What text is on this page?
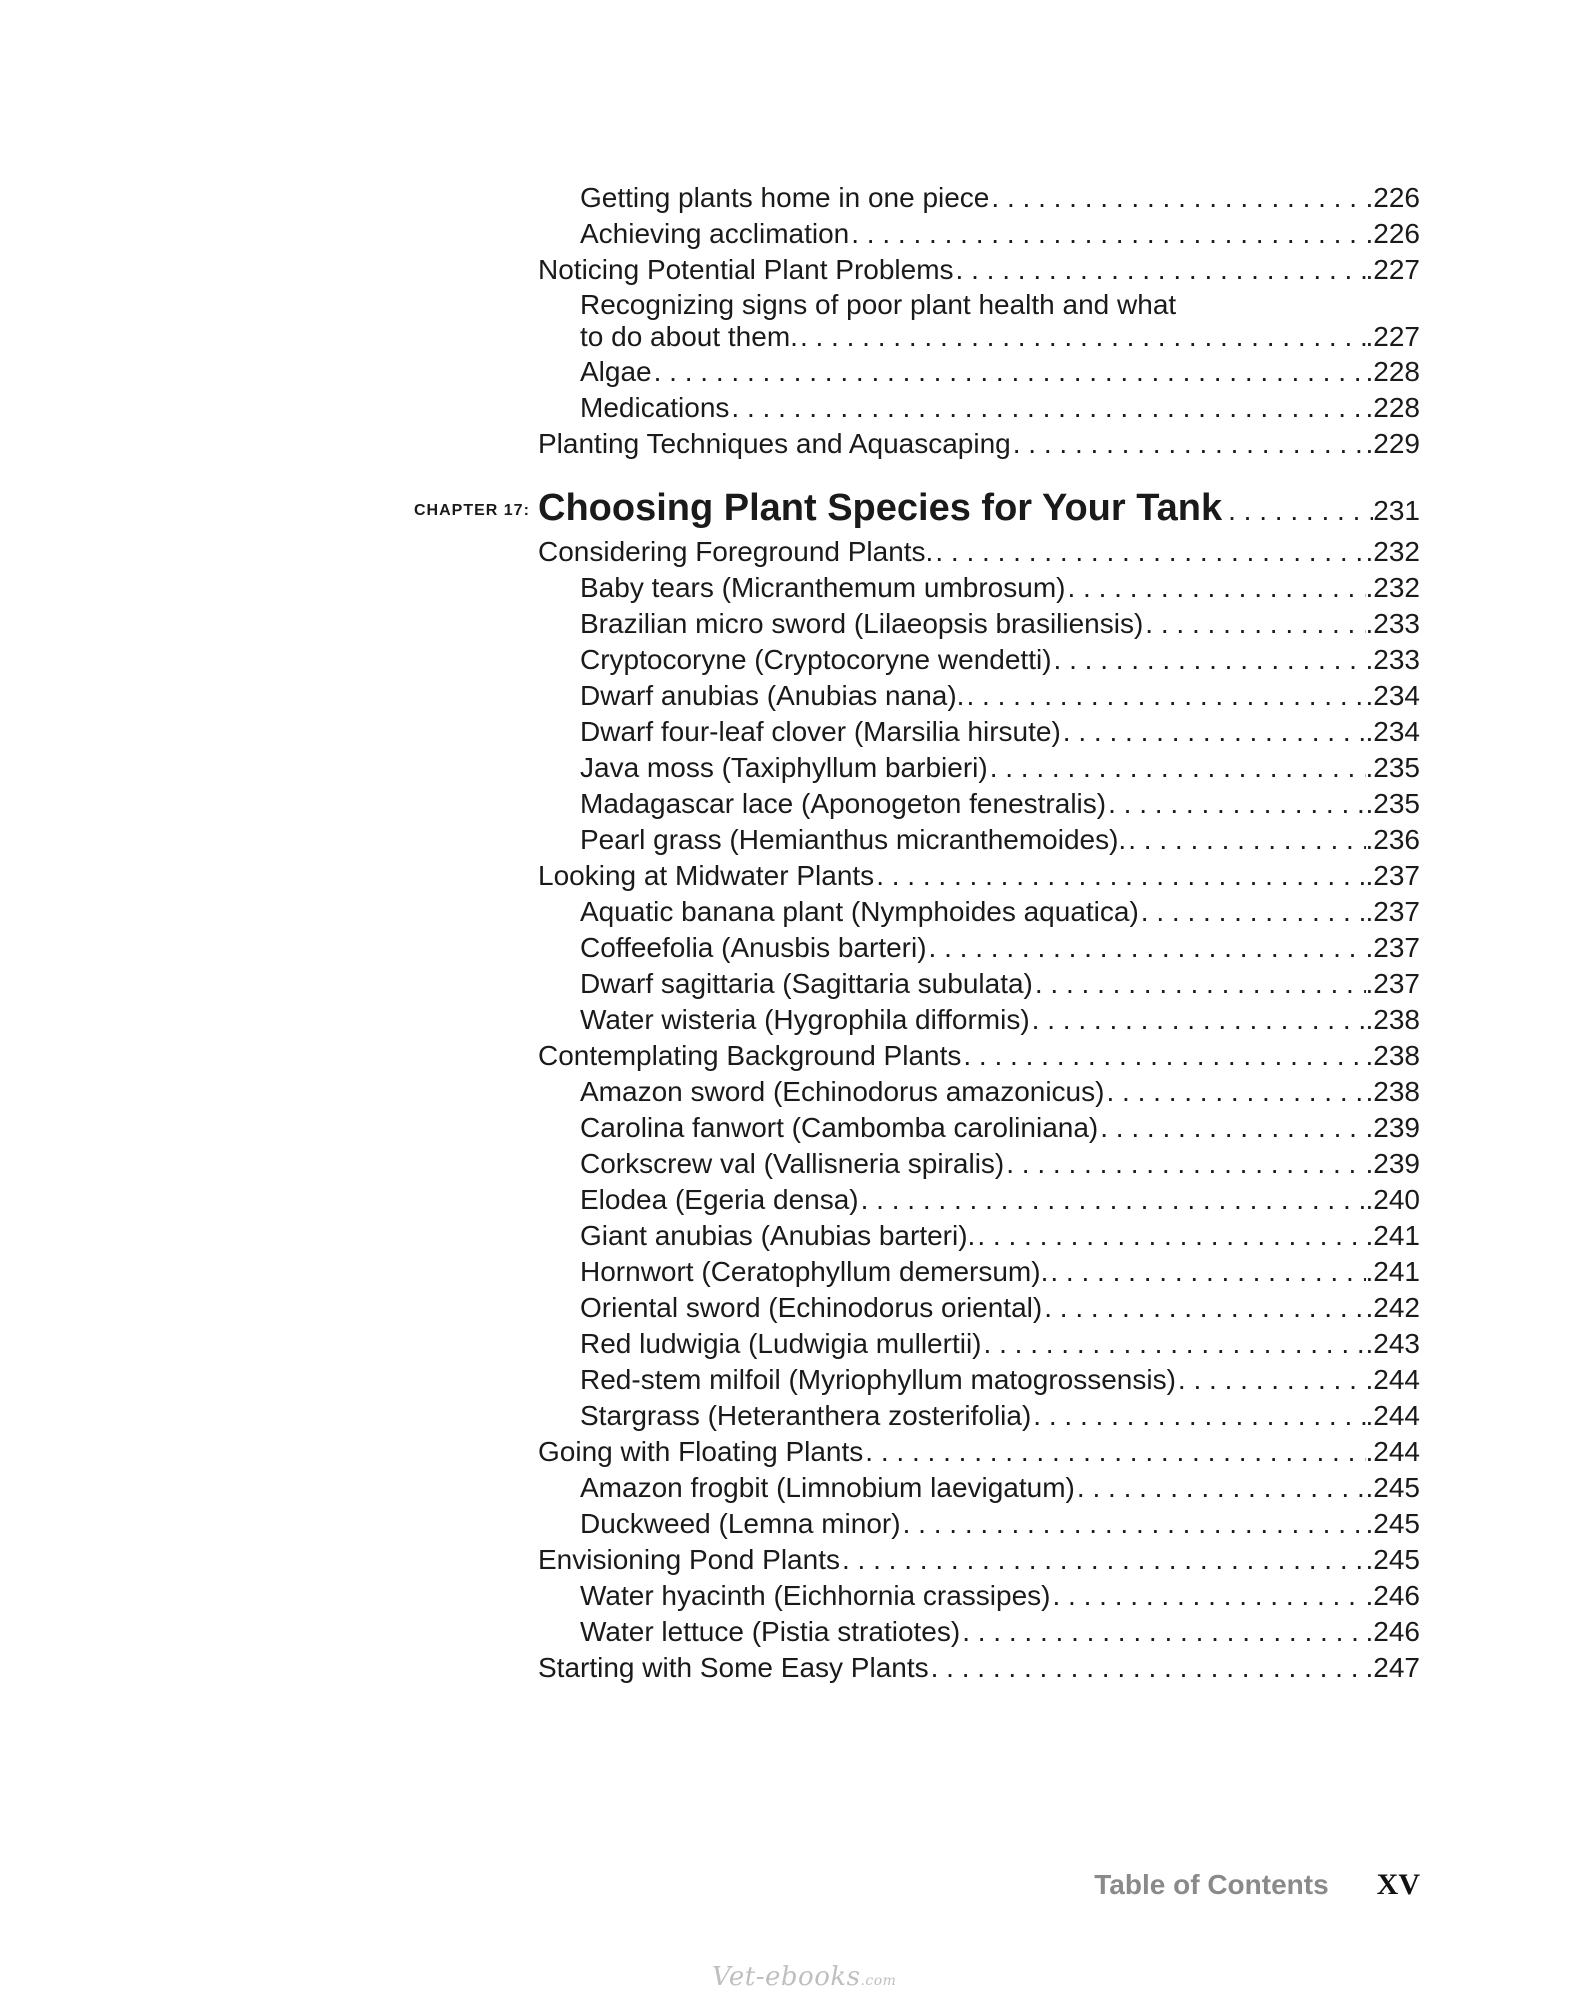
Getting plants home in one piece . . .	.226
Achieving acclimation . . .	.226
Noticing Potential Plant Problems . . .	.227
Recognizing signs of poor plant health and what
to do about them. . . .	.227
Algae . . .	.228
Medications . . .	.228
Planting Techniques and Aquascaping . . .	.229
CHAPTER 17: Choosing Plant Species for Your Tank . . .	231
Considering Foreground Plants. . . .	.232
Baby tears (Micranthemum umbrosum) . . .	.232
Brazilian micro sword (Lilaeopsis brasiliensis) . . .	.233
Cryptocoryne (Cryptocoryne wendetti) . . .	.233
Dwarf anubias (Anubias nana). . . .	.234
Dwarf four-leaf clover (Marsilia hirsute) . . .	.234
Java moss (Taxiphyllum barbieri) . . .	.235
Madagascar lace (Aponogeton fenestralis) . . .	.235
Pearl grass (Hemianthus micranthemoides). . . .	.236
Looking at Midwater Plants . . .	.237
Aquatic banana plant (Nymphoides aquatica) . . .	.237
Coffeefolia (Anusbis barteri) . . .	.237
Dwarf sagittaria (Sagittaria subulata) . . .	.237
Water wisteria (Hygrophila difformis) . . .	.238
Contemplating Background Plants . . .	.238
Amazon sword (Echinodorus amazonicus) . . .	.238
Carolina fanwort (Cambomba caroliniana) . . .	.239
Corkscrew val (Vallisneria spiralis) . . .	.239
Elodea (Egeria densa) . . .	.240
Giant anubias (Anubias barteri). . . .	.241
Hornwort (Ceratophyllum demersum). . . .	.241
Oriental sword (Echinodorus oriental) . . .	.242
Red ludwigia (Ludwigia mullertii) . . .	.243
Red-stem milfoil (Myriophyllum matogrossensis) . . .	.244
Stargrass (Heteranthera zosterifolia) . . .	.244
Going with Floating Plants . . .	.244
Amazon frogbit (Limnobium laevigatum) . . .	.245
Duckweed (Lemna minor) . . .	.245
Envisioning Pond Plants . . .	.245
Water hyacinth (Eichhornia crassipes) . . .	.246
Water lettuce (Pistia stratiotes) . . .	.246
Starting with Some Easy Plants . . .	.247
Table of Contents XV
Vet-ebooks.com
